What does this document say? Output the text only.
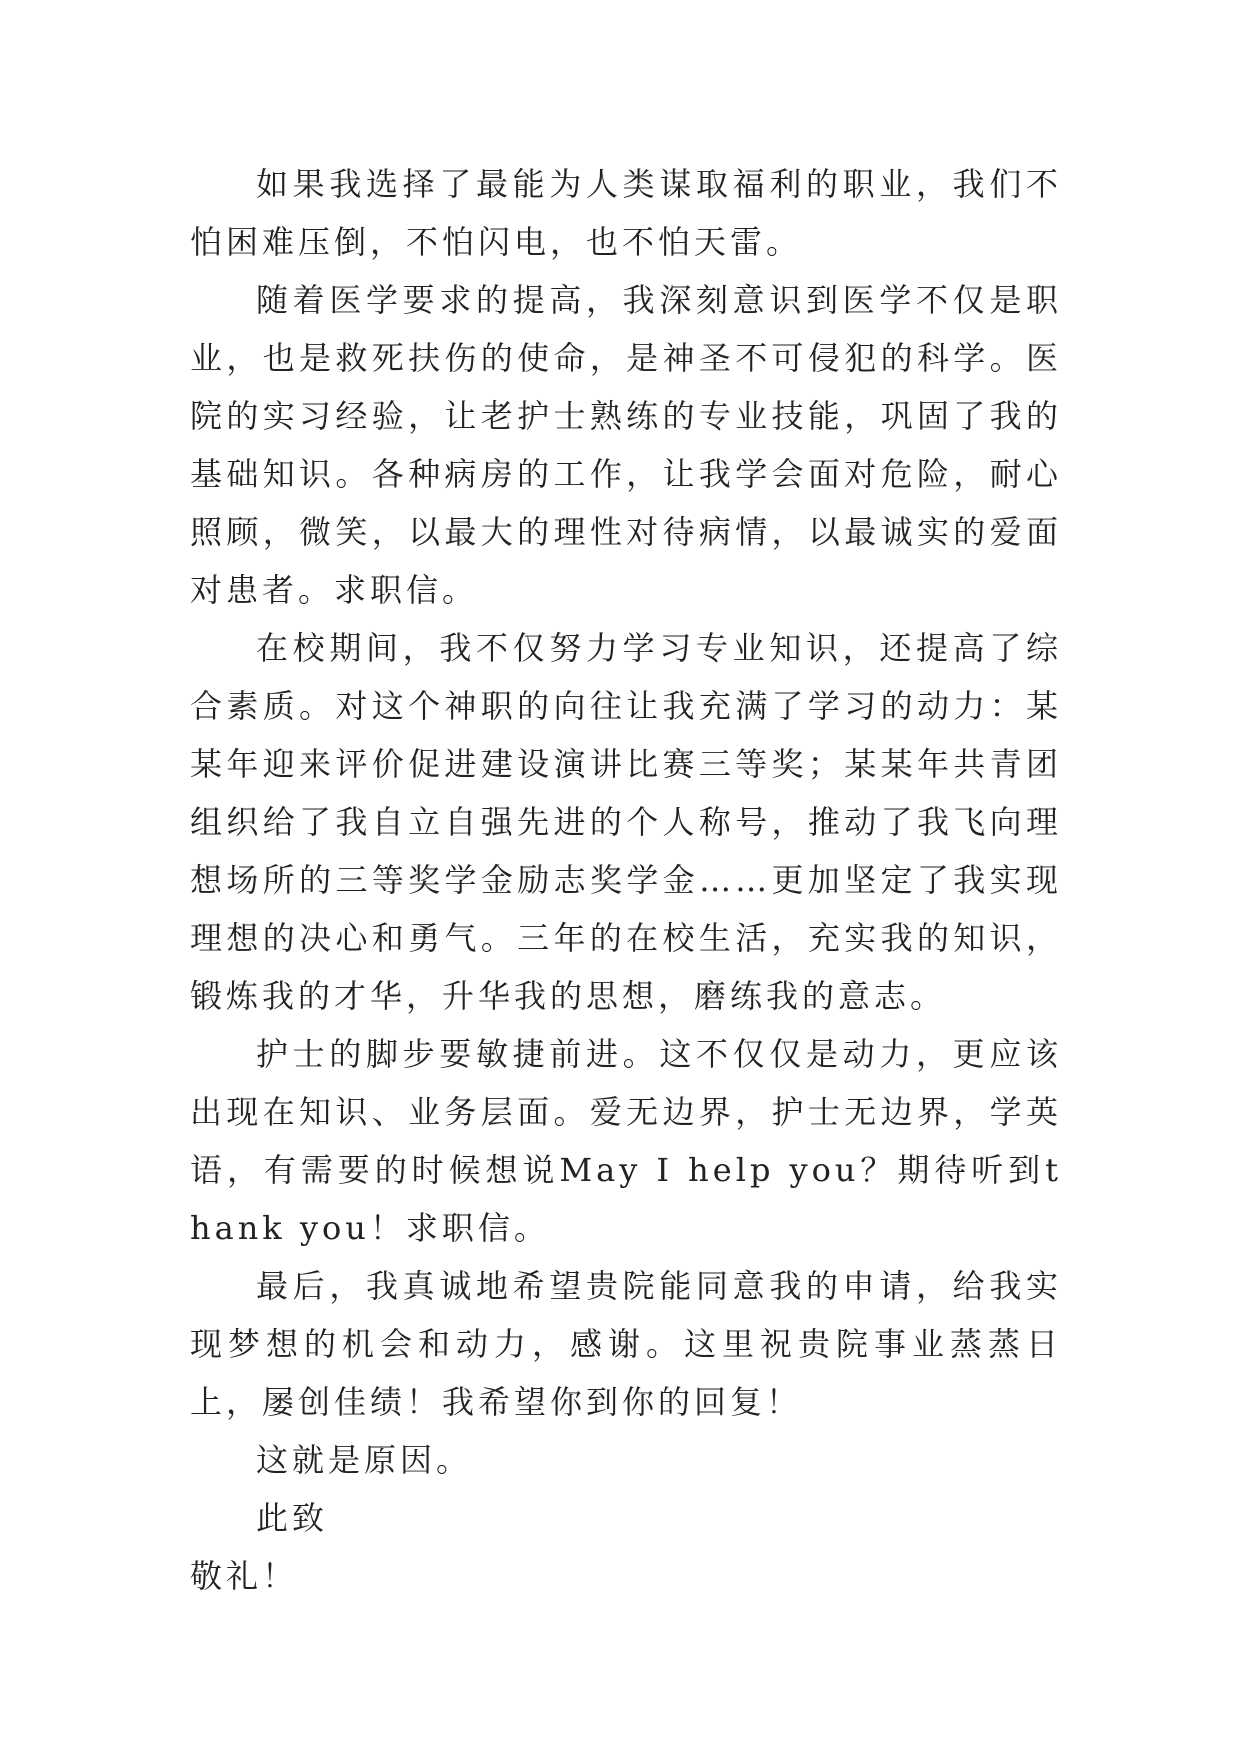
如果我选择了最能为人类谋取福利的职业，我们不怕困难压倒，不怕闪电，也不怕天雷。

随着医学要求的提高，我深刻意识到医学不仅是职业，也是救死扶伤的使命，是神圣不可侵犯的科学。医院的实习经验，让老护士熟练的专业技能，巩固了我的基础知识。各种病房的工作，让我学会面对危险，耐心照顾，微笑，以最大的理性对待病情，以最诚实的爱面对患者。求职信。

在校期间，我不仅努力学习专业知识，还提高了综合素质。对这个神职的向往让我充满了学习的动力：某某年迎来评价促进建设演讲比赛三等奖；某某年共青团组织给了我自立自强先进的个人称号，推动了我飞向理想场所的三等奖学金励志奖学金……更加坚定了我实现理想的决心和勇气。三年的在校生活，充实我的知识，锻炼我的才华，升华我的思想，磨练我的意志。

护士的脚步要敏捷前进。这不仅仅是动力，更应该出现在知识、业务层面。爱无边界，护士无边界，学英语，有需要的时候想说May I help you？期待听到thank you！求职信。

最后，我真诚地希望贵院能同意我的申请，给我实现梦想的机会和动力，感谢。这里祝贵院事业蒸蒸日上，屡创佳绩！我希望你到你的回复！

这就是原因。

此致

敬礼！
